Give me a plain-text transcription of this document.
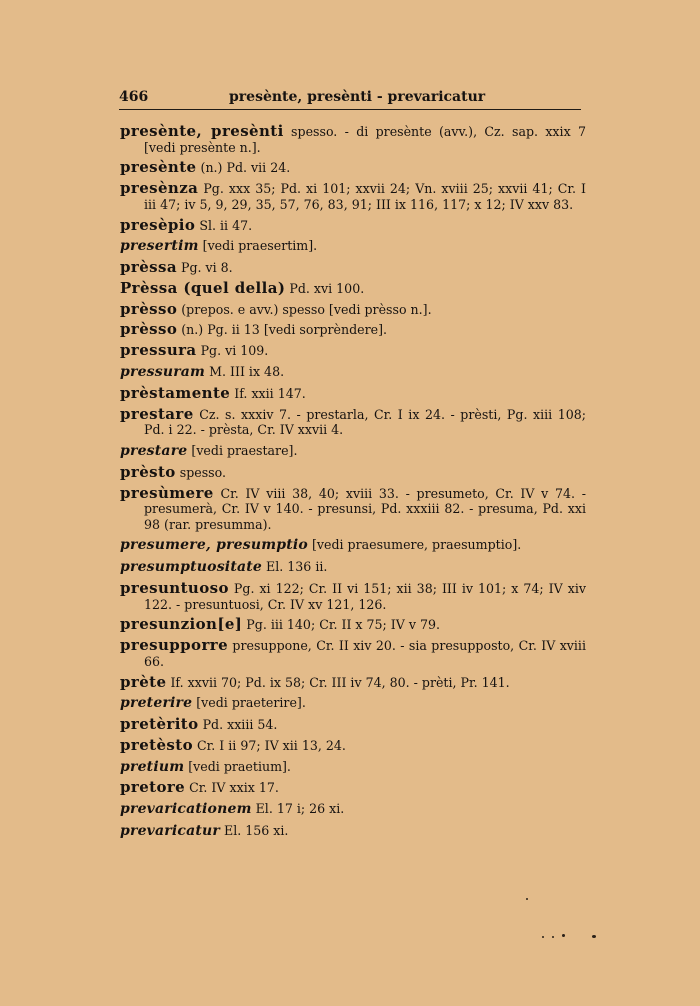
466	presènte, presènti - prevaricatur
presènte, presènti spesso. - di presènte (avv.), Cz. sap. xxix 7 [vedi presènte n.].
presènte (n.) Pd. vii 24.
presènza Pg. xxx 35; Pd. xi 101; xxvii 24; Vn. xviii 25; xxvii 41; Cr. I iii 47; iv 5, 9, 29, 35, 57, 76, 83, 91; III ix 116, 117; x 12; IV xxv 83.
presèpio Sl. ii 47.
presertim [vedi praesertim].
prèssa Pg. vi 8.
Prèssa (quel della) Pd. xvi 100.
prèsso (prepos. e avv.) spesso [vedi prèsso n.].
prèsso (n.) Pg. ii 13 [vedi sorprèndere].
pressura Pg. vi 109.
pressuram M. III ix 48.
prèstamente If. xxii 147.
prestare Cz. s. xxxiv 7. - prestarla, Cr. I ix 24. - prèsti, Pg. xiii 108; Pd. i 22. - prèsta, Cr. IV xxvii 4.
prestare [vedi praestare].
prèsto spesso.
presùmere Cr. IV viii 38, 40; xviii 33. - presumeto, Cr. IV v 74. - presumerà, Cr. IV v 140. - presunsi, Pd. xxxiii 82. - presuma, Pd. xxi 98 (rar. presumma).
presumere, presumptio [vedi praesumere, praesumptio].
presumptuositate El. 136 ii.
presuntuoso Pg. xi 122; Cr. II vi 151; xii 38; III iv 101; x 74; IV xiv 122. - presuntuosi, Cr. IV xv 121, 126.
presunzion[e] Pg. iii 140; Cr. II x 75; IV v 79.
presupporre presuppone, Cr. II xiv 20. - sia presupposto, Cr. IV xviii 66.
prète If. xxvii 70; Pd. ix 58; Cr. III iv 74, 80. - prèti, Pr. 141.
preterire [vedi praeterire].
pretèrito Pd. xxiii 54.
pretèsto Cr. I ii 97; IV xii 13, 24.
pretium [vedi praetium].
pretore Cr. IV xxix 17.
prevaricationem El. 17 i; 26 xi.
prevaricatur El. 156 xi.
